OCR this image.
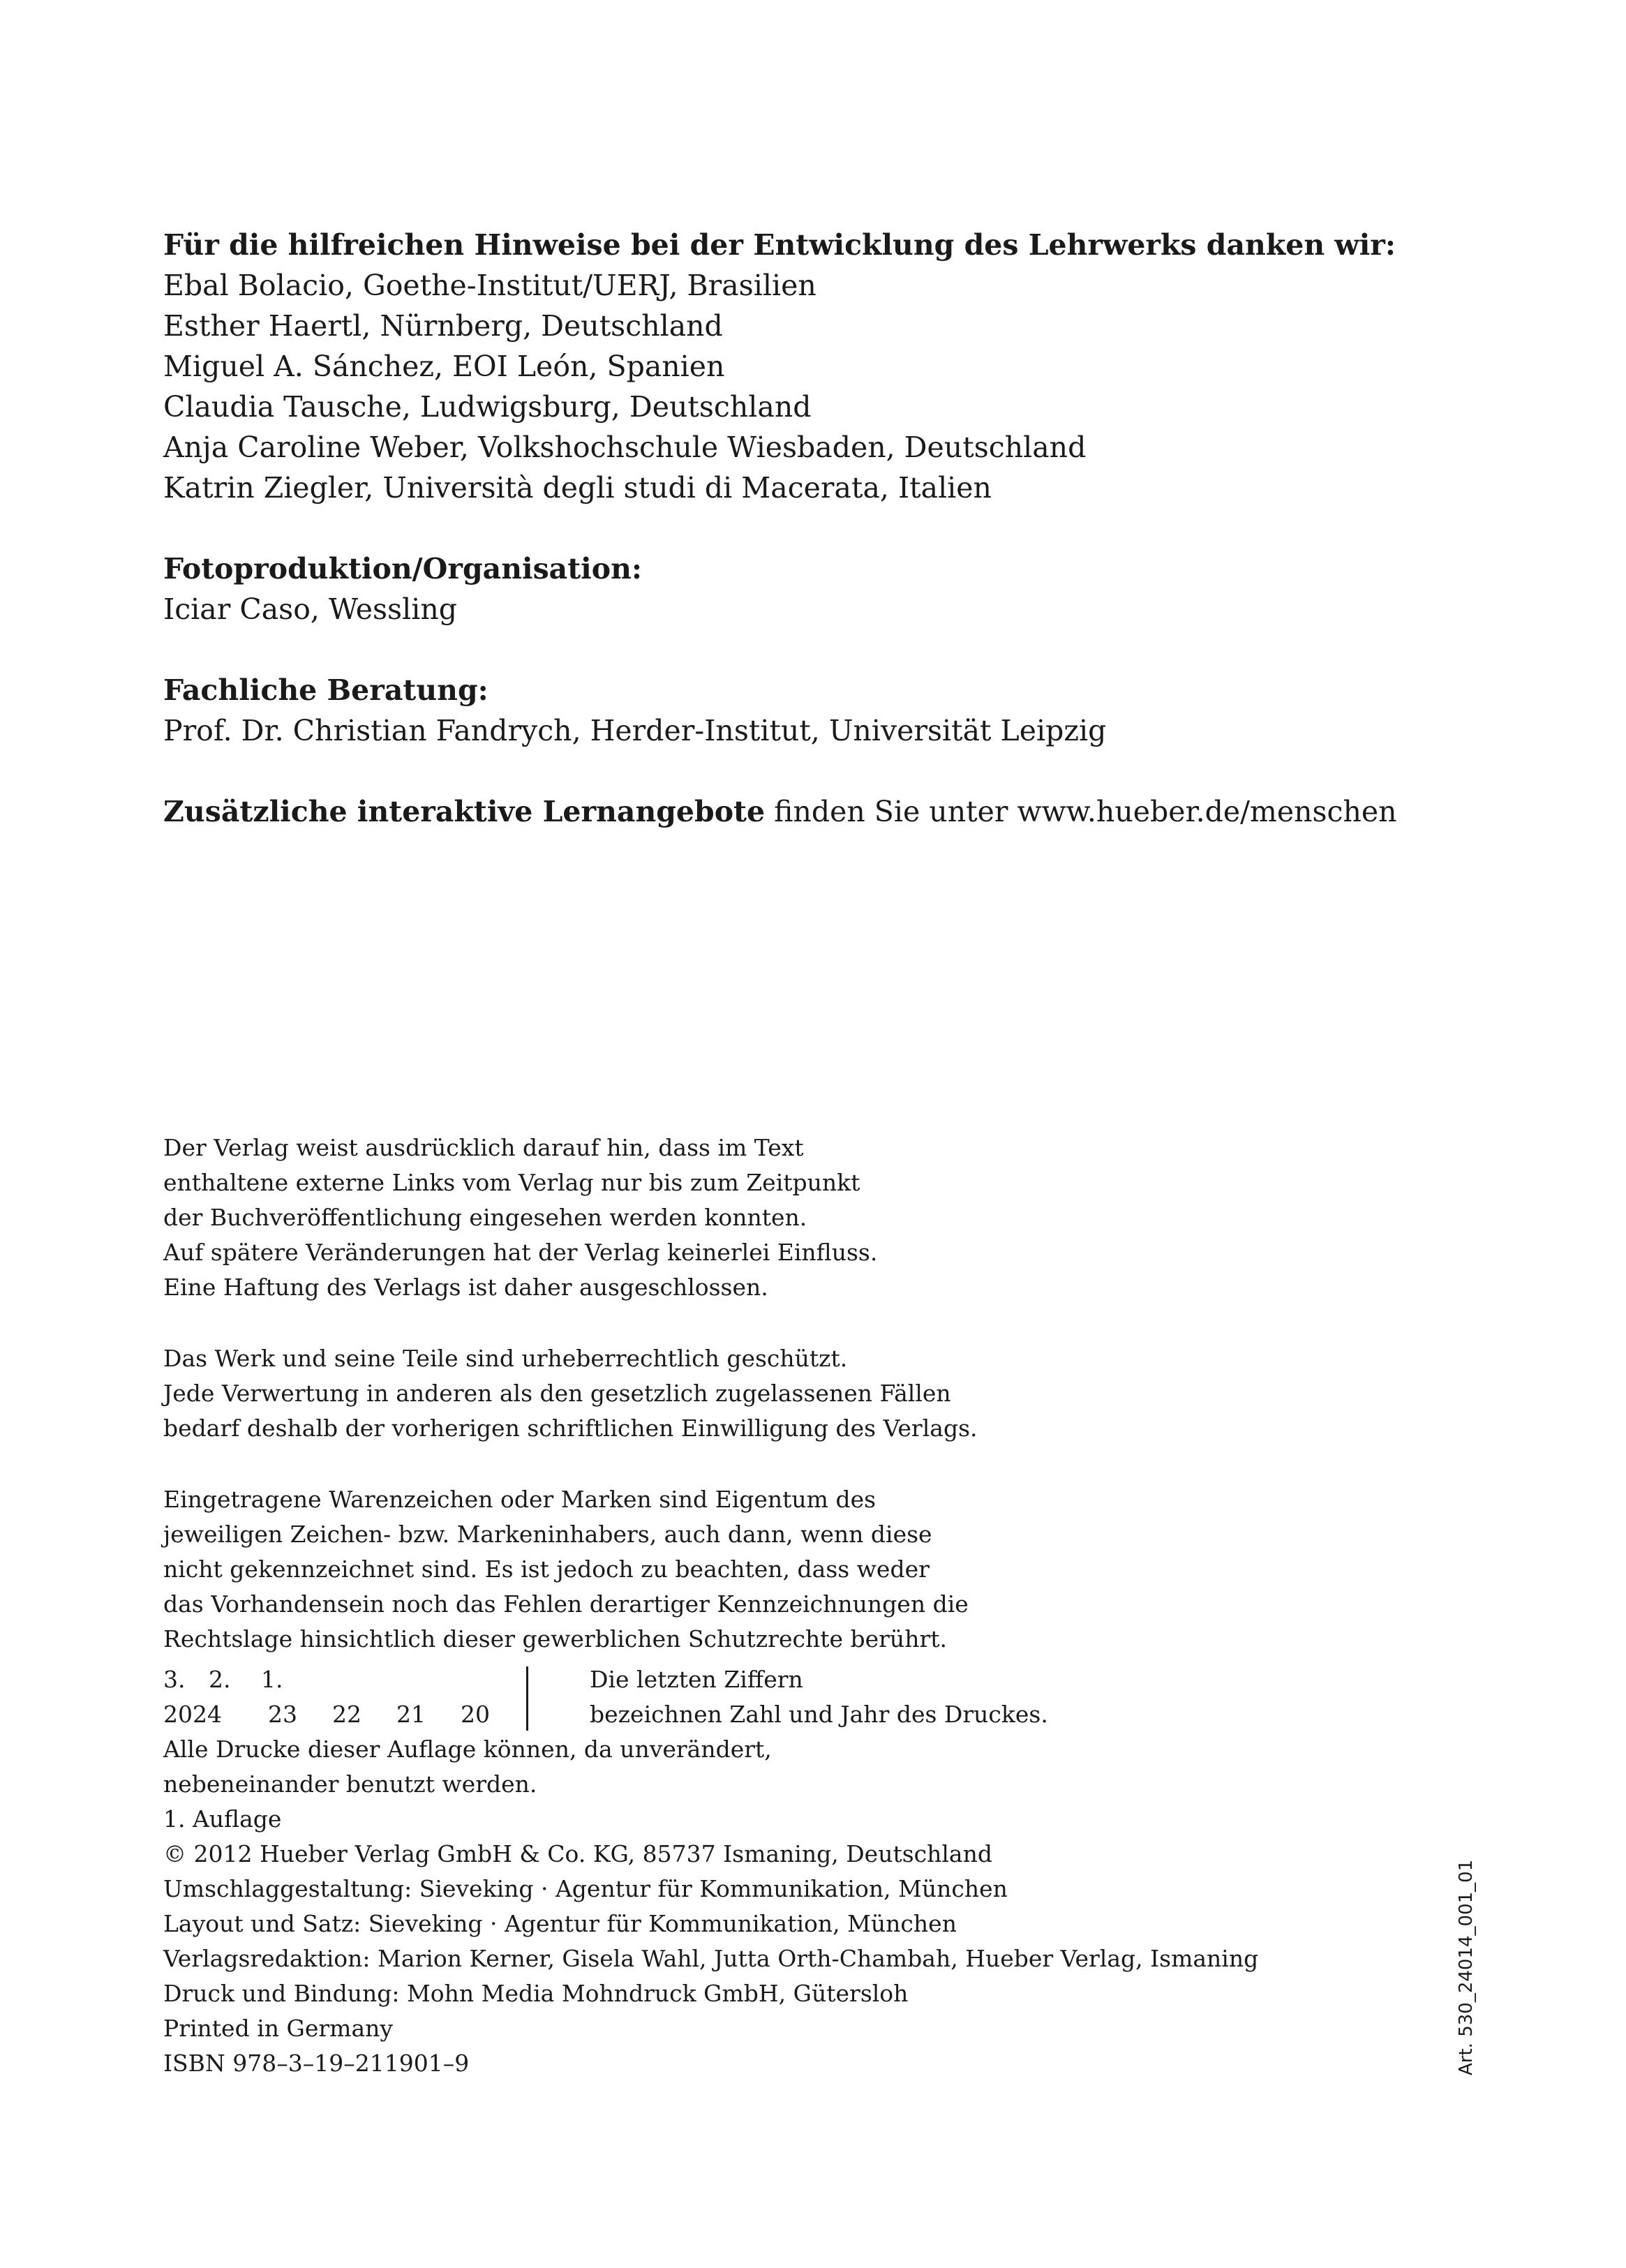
Für die hilfreichen Hinweise bei der Entwicklung des Lehrwerks danken wir:
Ebal Bolacio, Goethe-Institut/UERJ, Brasilien
Esther Haertl, Nürnberg, Deutschland
Miguel A. Sánchez, EOI León, Spanien
Claudia Tausche, Ludwigsburg, Deutschland
Anja Caroline Weber, Volkshochschule Wiesbaden, Deutschland
Katrin Ziegler, Università degli studi di Macerata, Italien
Fotoproduktion/Organisation:
Iciar Caso, Wessling
Fachliche Beratung:
Prof. Dr. Christian Fandrych, Herder-Institut, Universität Leipzig
Zusätzliche interaktive Lernangebote finden Sie unter www.hueber.de/menschen
Der Verlag weist ausdrücklich darauf hin, dass im Text
enthaltene externe Links vom Verlag nur bis zum Zeitpunkt
der Buchveröffentlichung eingesehen werden konnten.
Auf spätere Veränderungen hat der Verlag keinerlei Einfluss.
Eine Haftung des Verlags ist daher ausgeschlossen.
Das Werk und seine Teile sind urheberrechtlich geschützt.
Jede Verwertung in anderen als den gesetzlich zugelassenen Fällen
bedarf deshalb der vorherigen schriftlichen Einwilligung des Verlags.
Eingetragene Warenzeichen oder Marken sind Eigentum des
jeweiligen Zeichen- bzw. Markeninhabers, auch dann, wenn diese
nicht gekennzeichnet sind. Es ist jedoch zu beachten, dass weder
das Vorhandensein noch das Fehlen derartiger Kennzeichnungen die
Rechtslage hinsichtlich dieser gewerblichen Schutzrechte berührt.
3. 2. 1.	Die letzten Ziffern
2024 23 22 21 20	bezeichnen Zahl und Jahr des Druckes.
Alle Drucke dieser Auflage können, da unverändert,
nebeneinander benutzt werden.
1. Auflage
© 2012 Hueber Verlag GmbH & Co. KG, 85737 Ismaning, Deutschland
Umschlaggestaltung: Sieveking · Agentur für Kommunikation, München
Layout und Satz: Sieveking · Agentur für Kommunikation, München
Verlagsredaktion: Marion Kerner, Gisela Wahl, Jutta Orth-Chambah, Hueber Verlag, Ismaning
Druck und Bindung: Mohn Media Mohndruck GmbH, Gütersloh
Printed in Germany
ISBN 978–3–19–211901–9	Art. 530_24014_001_01
